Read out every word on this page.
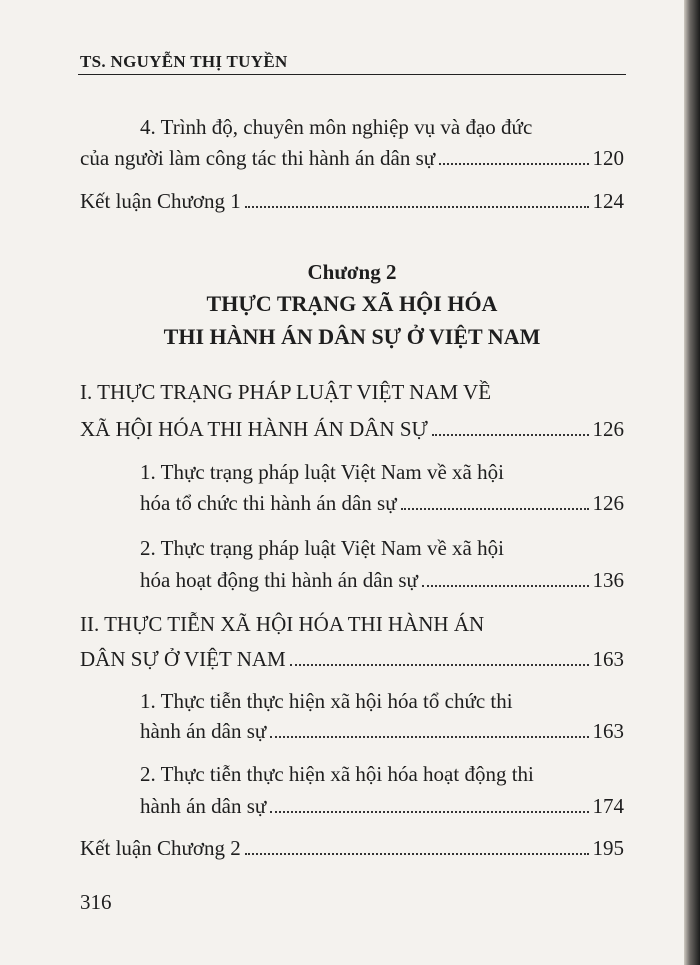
TS. NGUYỄN THỊ TUYỀN
4. Trình độ, chuyên môn nghiệp vụ và đạo đức
của người làm công tác thi hành án dân sự	120
Kết luận Chương 1	124
Chương 2
THỰC TRẠNG XÃ HỘI HÓA
THI HÀNH ÁN DÂN SỰ Ở VIỆT NAM
I. THỰC TRẠNG PHÁP LUẬT VIỆT NAM VỀ
XÃ HỘI HÓA THI HÀNH ÁN DÂN SỰ	126
1. Thực trạng pháp luật Việt Nam về xã hội
hóa tổ chức thi hành án dân sự	126
2. Thực trạng pháp luật Việt Nam về xã hội
hóa hoạt động thi hành án dân sự	136
II. THỰC TIỄN XÃ HỘI HÓA THI HÀNH ÁN
DÂN SỰ Ở VIỆT NAM	163
1. Thực tiễn thực hiện xã hội hóa tổ chức thi
hành án dân sự	163
2. Thực tiễn thực hiện xã hội hóa hoạt động thi
hành án dân sự	174
Kết luận Chương 2	195
316
